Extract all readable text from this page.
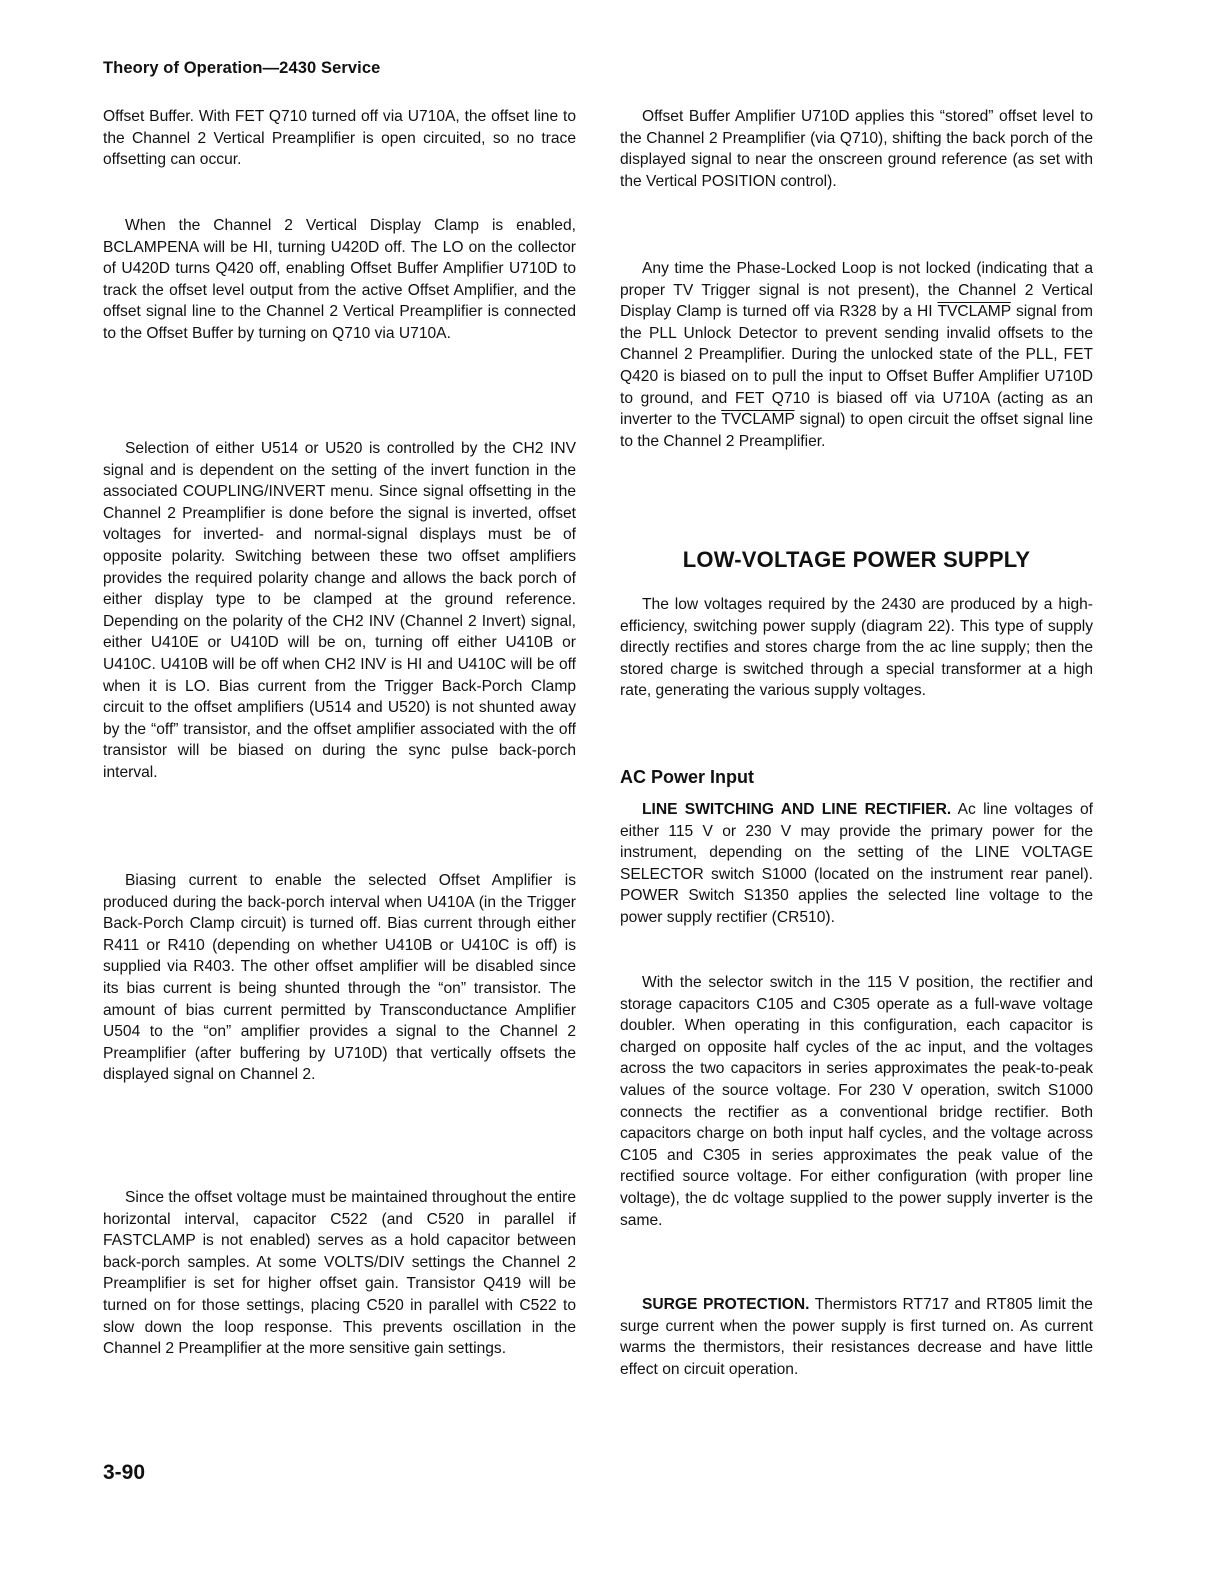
Theory of Operation—2430 Service

Offset Buffer. With FET Q710 turned off via U710A, the offset line to the Channel 2 Vertical Preamplifier is open circuited, so no trace offsetting can occur.

When the Channel 2 Vertical Display Clamp is enabled, BCLAMPENA will be HI, turning U420D off. The LO on the collector of U420D turns Q420 off, enabling Offset Buffer Amplifier U710D to track the offset level output from the active Offset Amplifier, and the offset signal line to the Channel 2 Vertical Preamplifier is connected to the Offset Buffer by turning on Q710 via U710A.

Selection of either U514 or U520 is controlled by the CH2 INV signal and is dependent on the setting of the invert function in the associated COUPLING/INVERT menu. Since signal offsetting in the Channel 2 Preamplifier is done before the signal is inverted, offset voltages for inverted- and normal-signal displays must be of opposite polarity. Switching between these two offset amplifiers provides the required polarity change and allows the back porch of either display type to be clamped at the ground reference. Depending on the polarity of the CH2 INV (Channel 2 Invert) signal, either U410E or U410D will be on, turning off either U410B or U410C. U410B will be off when CH2 INV is HI and U410C will be off when it is LO. Bias current from the Trigger Back-Porch Clamp circuit to the offset amplifiers (U514 and U520) is not shunted away by the “off” transistor, and the offset amplifier associated with the off transistor will be biased on during the sync pulse back-porch interval.

Biasing current to enable the selected Offset Amplifier is produced during the back-porch interval when U410A (in the Trigger Back-Porch Clamp circuit) is turned off. Bias current through either R411 or R410 (depending on whether U410B or U410C is off) is supplied via R403. The other offset amplifier will be disabled since its bias current is being shunted through the “on” transistor. The amount of bias current permitted by Transconductance Amplifier U504 to the “on” amplifier provides a signal to the Channel 2 Preamplifier (after buffering by U710D) that vertically offsets the displayed signal on Channel 2.

Since the offset voltage must be maintained throughout the entire horizontal interval, capacitor C522 (and C520 in parallel if FASTCLAMP is not enabled) serves as a hold capacitor between back-porch samples. At some VOLTS/DIV settings the Channel 2 Preamplifier is set for higher offset gain. Transistor Q419 will be turned on for those settings, placing C520 in parallel with C522 to slow down the loop response. This prevents oscillation in the Channel 2 Preamplifier at the more sensitive gain settings.

Offset Buffer Amplifier U710D applies this “stored” offset level to the Channel 2 Preamplifier (via Q710), shifting the back porch of the displayed signal to near the onscreen ground reference (as set with the Vertical POSITION control).

Any time the Phase-Locked Loop is not locked (indicating that a proper TV Trigger signal is not present), the Channel 2 Vertical Display Clamp is turned off via R328 by a HI TVCLAMP signal from the PLL Unlock Detector to prevent sending invalid offsets to the Channel 2 Preamplifier. During the unlocked state of the PLL, FET Q420 is biased on to pull the input to Offset Buffer Amplifier U710D to ground, and FET Q710 is biased off via U710A (acting as an inverter to the TVCLAMP signal) to open circuit the offset signal line to the Channel 2 Preamplifier.

LOW-VOLTAGE POWER SUPPLY

The low voltages required by the 2430 are produced by a high-efficiency, switching power supply (diagram 22). This type of supply directly rectifies and stores charge from the ac line supply; then the stored charge is switched through a special transformer at a high rate, generating the various supply voltages.

AC Power Input

LINE SWITCHING AND LINE RECTIFIER. Ac line voltages of either 115 V or 230 V may provide the primary power for the instrument, depending on the setting of the LINE VOLTAGE SELECTOR switch S1000 (located on the instrument rear panel). POWER Switch S1350 applies the selected line voltage to the power supply rectifier (CR510).

With the selector switch in the 115 V position, the rectifier and storage capacitors C105 and C305 operate as a full-wave voltage doubler. When operating in this configuration, each capacitor is charged on opposite half cycles of the ac input, and the voltages across the two capacitors in series approximates the peak-to-peak values of the source voltage. For 230 V operation, switch S1000 connects the rectifier as a conventional bridge rectifier. Both capacitors charge on both input half cycles, and the voltage across C105 and C305 in series approximates the peak value of the rectified source voltage. For either configuration (with proper line voltage), the dc voltage supplied to the power supply inverter is the same.

SURGE PROTECTION. Thermistors RT717 and RT805 limit the surge current when the power supply is first turned on. As current warms the thermistors, their resistances decrease and have little effect on circuit operation.

3-90
